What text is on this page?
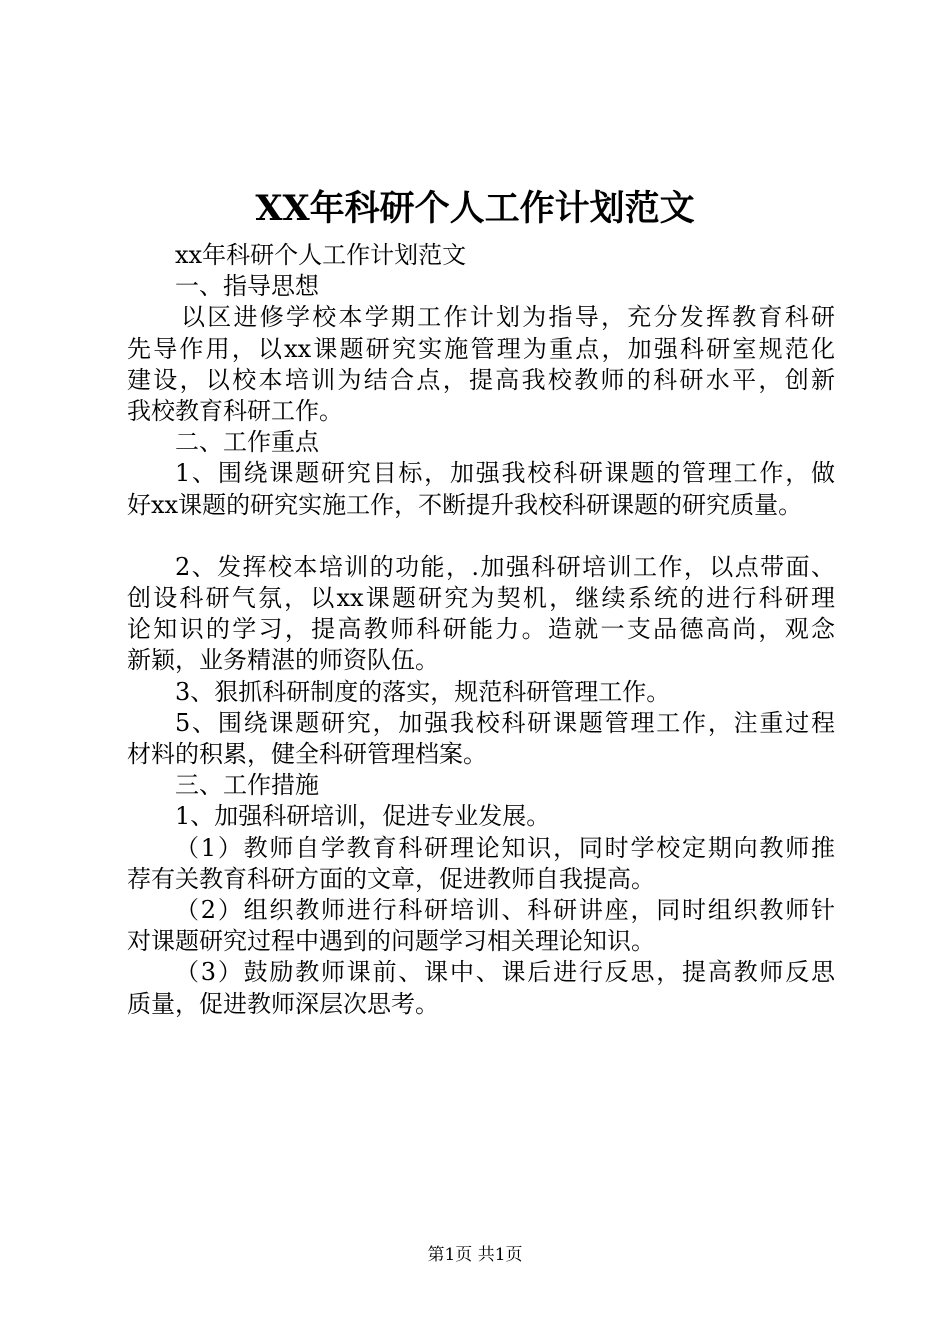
XX年科研个人工作计划范文
xx年科研个人工作计划范文
一、指导思想
以区进修学校本学期工作计划为指导，充分发挥教育科研
先导作用，以xx课题研究实施管理为重点，加强科研室规范化
建设，以校本培训为结合点，提高我校教师的科研水平，创新
我校教育科研工作。
二、工作重点
1、围绕课题研究目标，加强我校科研课题的管理工作，做
好xx课题的研究实施工作，不断提升我校科研课题的研究质量。
2、发挥校本培训的功能，.加强科研培训工作，以点带面、
创设科研气氛，以xx课题研究为契机，继续系统的进行科研理
论知识的学习，提高教师科研能力。造就一支品德高尚，观念
新颖，业务精湛的师资队伍。
3、狠抓科研制度的落实，规范科研管理工作。
5、围绕课题研究，加强我校科研课题管理工作，注重过程
材料的积累，健全科研管理档案。
三、工作措施
1、加强科研培训，促进专业发展。
（1）教师自学教育科研理论知识，同时学校定期向教师推
荐有关教育科研方面的文章，促进教师自我提高。
（2）组织教师进行科研培训、科研讲座，同时组织教师针
对课题研究过程中遇到的问题学习相关理论知识。
（3）鼓励教师课前、课中、课后进行反思，提高教师反思
质量，促进教师深层次思考。
第1页 共1页
